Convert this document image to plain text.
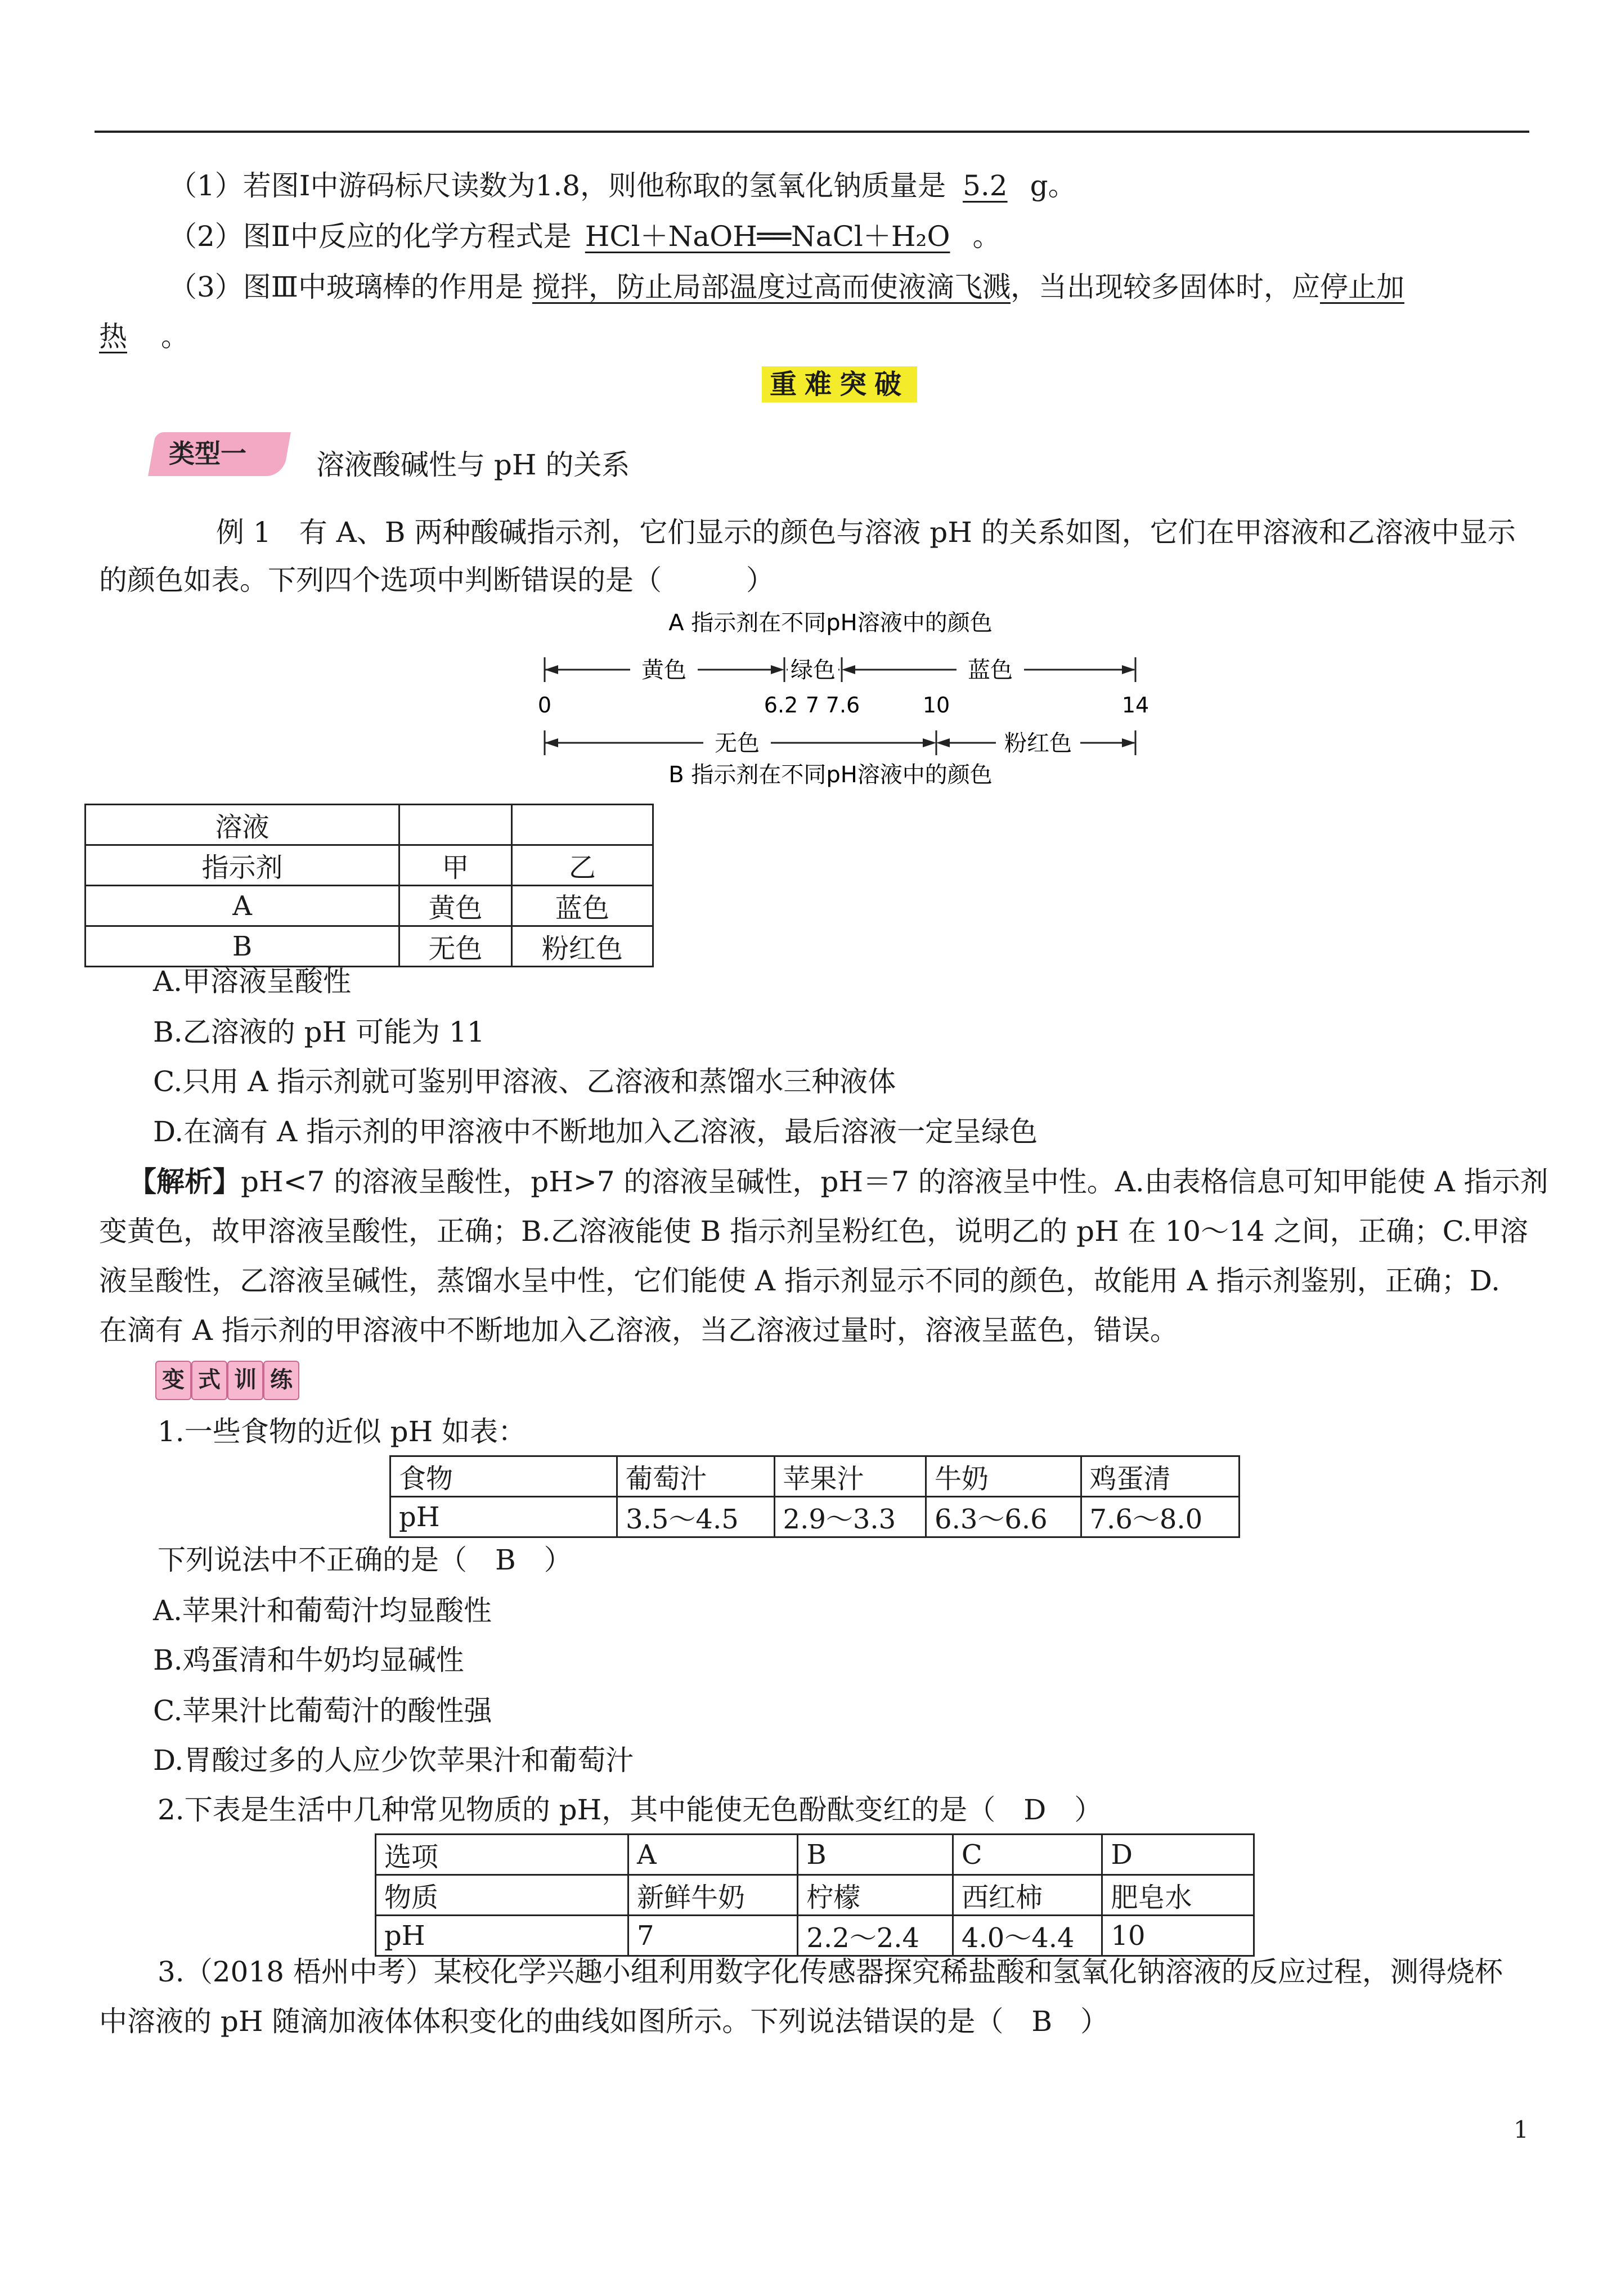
（1）若图Ⅰ中游码标尺读数为1.8，则他称取的氢氧化钠质量是 5.2 g。
（2）图Ⅱ中反应的化学方程式是 HCl＋NaOH══NaCl＋H₂O 。
（3）图Ⅲ中玻璃棒的作用是 搅拌，防止局部温度过高而使液滴飞溅，当出现较多固体时，应停止加
热 。
重难突破
类型一 溶液酸碱性与 pH 的关系
例 1　有 A、B 两种酸碱指示剂，它们显示的颜色与溶液 pH 的关系如图，它们在甲溶液和乙溶液中显示
的颜色如表。下列四个选项中判断错误的是（　　　）
A 指示剂在不同pH溶液中的颜色
黄色	绿色	蓝色
0	6.2 7 7.6	10	14
无色	粉红色
B 指示剂在不同pH溶液中的颜色
溶液		
指示剂	甲	乙
A	黄色	蓝色
B	无色	粉红色
A.甲溶液呈酸性
B.乙溶液的 pH 可能为 11
C.只用 A 指示剂就可鉴别甲溶液、乙溶液和蒸馏水三种液体
D.在滴有 A 指示剂的甲溶液中不断地加入乙溶液，最后溶液一定呈绿色
【解析】pH<7 的溶液呈酸性，pH>7 的溶液呈碱性，pH＝7 的溶液呈中性。A.由表格信息可知甲能使 A 指示剂
变黄色，故甲溶液呈酸性，正确；B.乙溶液能使 B 指示剂呈粉红色，说明乙的 pH 在 10～14 之间，正确；C.甲溶
液呈酸性，乙溶液呈碱性，蒸馏水呈中性，它们能使 A 指示剂显示不同的颜色，故能用 A 指示剂鉴别，正确；D.
在滴有 A 指示剂的甲溶液中不断地加入乙溶液，当乙溶液过量时，溶液呈蓝色，错误。
变 式 训 练
1.一些食物的近似 pH 如表：
食物	葡萄汁	苹果汁	牛奶	鸡蛋清
pH	3.5～4.5	2.9～3.3	6.3～6.6	7.6～8.0
下列说法中不正确的是（　B　）
A.苹果汁和葡萄汁均显酸性
B.鸡蛋清和牛奶均显碱性
C.苹果汁比葡萄汁的酸性强
D.胃酸过多的人应少饮苹果汁和葡萄汁
2.下表是生活中几种常见物质的 pH，其中能使无色酚酞变红的是（　D　）
选项	A	B	C	D
物质	新鲜牛奶	柠檬	西红柿	肥皂水
pH	7	2.2～2.4	4.0～4.4	10
3.（2018 梧州中考）某校化学兴趣小组利用数字化传感器探究稀盐酸和氢氧化钠溶液的反应过程，测得烧杯
中溶液的 pH 随滴加液体体积变化的曲线如图所示。下列说法错误的是（　B　）
1
